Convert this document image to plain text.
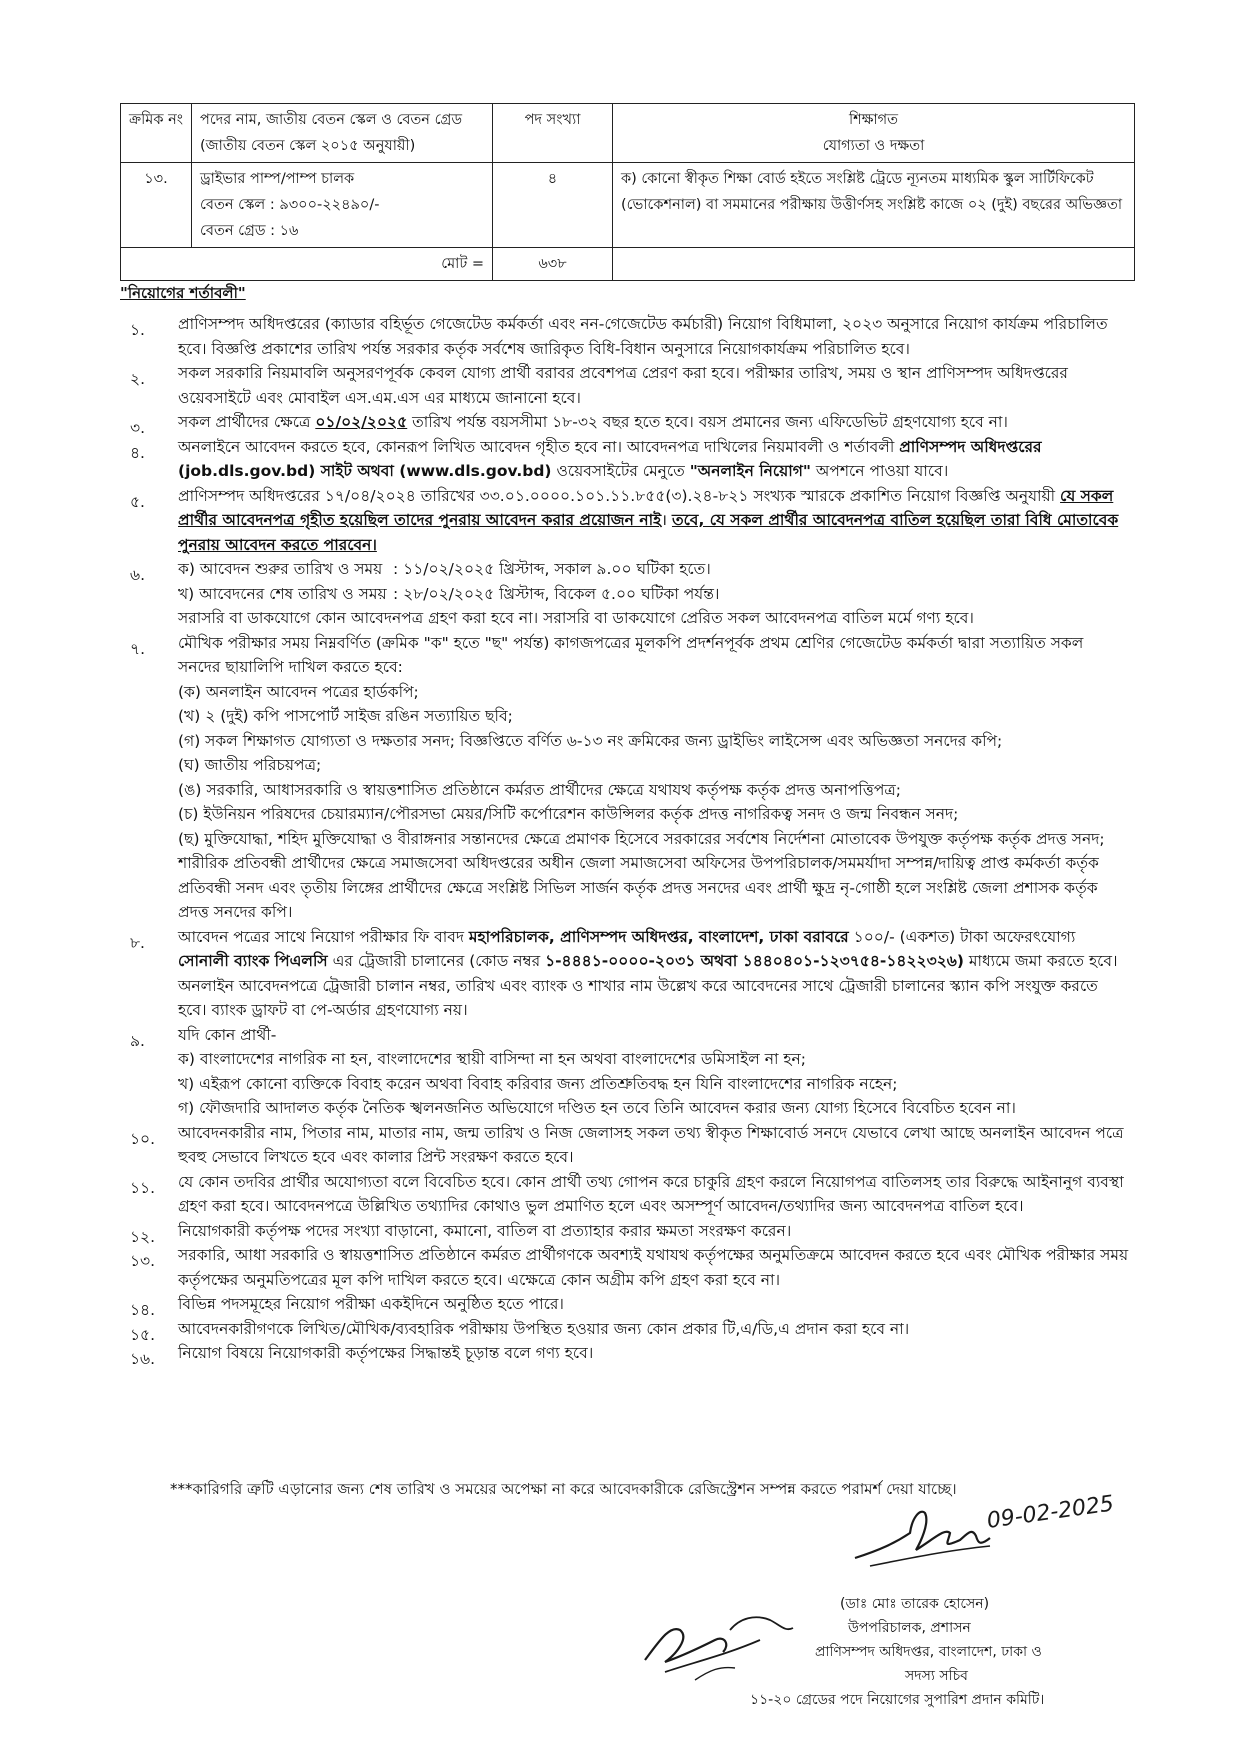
ক্রমিক নং	পদের নাম, জাতীয় বেতন স্কেল ও বেতন গ্রেড (জাতীয় বেতন স্কেল ২০১৫ অনুযায়ী)	পদ সংখ্যা	শিক্ষাগত
যোগ্যতা ও দক্ষতা

১৩.	ড্রাইভার পাম্প/পাম্প চালক
বেতন স্কেল : ৯৩০০-২২৪৯০/-
বেতন গ্রেড : ১৬	৪	ক) কোনো স্বীকৃত শিক্ষা বোর্ড হইতে সংশ্লিষ্ট ট্রেডে ন্যূনতম মাধ্যমিক স্কুল সার্টিফিকেট (ভোকেশনাল) বা সমমানের পরীক্ষায় উত্তীর্ণসহ সংশ্লিষ্ট কাজে ০২ (দুই) বছরের অভিজ্ঞতা
মোট =		৬৩৮	
"নিয়োগের শর্তাবলী"
১.	প্রাণিসম্পদ অধিদপ্তরের (ক্যাডার বহির্ভূত গেজেটেড কর্মকর্তা এবং নন-গেজেটেড কর্মচারী) নিয়োগ বিধিমালা, ২০২৩ অনুসারে নিয়োগ কার্যক্রম পরিচালিত হবে। বিজ্ঞপ্তি প্রকাশের তারিখ পর্যন্ত সরকার কর্তৃক সর্বশেষ জারিকৃত বিধি-বিধান অনুসারে নিয়োগকার্যক্রম পরিচালিত হবে।
২.	সকল সরকারি নিয়মাবলি অনুসরণপূর্বক কেবল যোগ্য প্রার্থী বরাবর প্রবেশপত্র প্রেরণ করা হবে। পরীক্ষার তারিখ, সময় ও স্থান প্রাণিসম্পদ অধিদপ্তরের ওয়েবসাইটে এবং মোবাইল এস.এম.এস এর মাধ্যমে জানানো হবে।
৩.	সকল প্রার্থীদের ক্ষেত্রে ০১/০২/২০২৫ তারিখ পর্যন্ত বয়সসীমা ১৮-৩২ বছর হতে হবে। বয়স প্রমানের জন্য এফিডেভিট গ্রহণযোগ্য হবে না।
৪.	অনলাইনে আবেদন করতে হবে, কোনরূপ লিখিত আবেদন গৃহীত হবে না। আবেদনপত্র দাখিলের নিয়মাবলী ও শর্তাবলী প্রাণিসম্পদ অধিদপ্তরের (job.dls.gov.bd) সাইট অথবা (www.dls.gov.bd) ওয়েবসাইটের মেনুতে "অনলাইন নিয়োগ" অপশনে পাওয়া যাবে।
৫.	প্রাণিসম্পদ অধিদপ্তরের ১৭/০৪/২০২৪ তারিখের ৩৩.০১.০০০০.১০১.১১.৮৫৫(৩).২৪-৮২১ সংখ্যক স্মারকে প্রকাশিত নিয়োগ বিজ্ঞপ্তি অনুযায়ী যে সকল প্রার্থীর আবেদনপত্র গৃহীত হয়েছিল তাদের পুনরায় আবেদন করার প্রয়োজন নাই। তবে, যে সকল প্রার্থীর আবেদনপত্র বাতিল হয়েছিল তারা বিধি মোতাবেক পুনরায় আবেদন করতে পারবেন।
৬.	ক) আবেদন শুরুর তারিখ ও সময় : ১১/০২/২০২৫ খ্রিস্টাব্দ, সকাল ৯.০০ ঘটিকা হতে।
খ) আবেদনের শেষ তারিখ ও সময় : ২৮/০২/২০২৫ খ্রিস্টাব্দ, বিকেল ৫.০০ ঘটিকা পর্যন্ত।
সরাসরি বা ডাকযোগে কোন আবেদনপত্র গ্রহণ করা হবে না। সরাসরি বা ডাকযোগে প্রেরিত সকল আবেদনপত্র বাতিল মর্মে গণ্য হবে।
৭.	মৌখিক পরীক্ষার সময় নিম্নবর্ণিত (ক্রমিক "ক" হতে "ছ" পর্যন্ত) কাগজপত্রের মূলকপি প্রদর্শনপূর্বক প্রথম শ্রেণির গেজেটেড কর্মকর্তা দ্বারা সত্যায়িত সকল সনদের ছায়ালিপি দাখিল করতে হবে:
(ক) অনলাইন আবেদন পত্রের হার্ডকপি;
(খ) ২ (দুই) কপি পাসপোর্ট সাইজ রঙিন সত্যায়িত ছবি;
(গ) সকল শিক্ষাগত যোগ্যতা ও দক্ষতার সনদ; বিজ্ঞপ্তিতে বর্ণিত ৬-১৩ নং ক্রমিকের জন্য ড্রাইভিং লাইসেন্স এবং অভিজ্ঞতা সনদের কপি;
(ঘ) জাতীয় পরিচয়পত্র;
(ঙ) সরকারি, আধাসরকারি ও স্বায়ত্তশাসিত প্রতিষ্ঠানে কর্মরত প্রার্থীদের ক্ষেত্রে যথাযথ কর্তৃপক্ষ কর্তৃক প্রদত্ত অনাপত্তিপত্র;
(চ) ইউনিয়ন পরিষদের চেয়ারম্যান/পৌরসভা মেয়র/সিটি কর্পোরেশন কাউন্সিলর কর্তৃক প্রদত্ত নাগরিকত্ব সনদ ও জন্ম নিবন্ধন সনদ;
(ছ) মুক্তিযোদ্ধা, শহিদ মুক্তিযোদ্ধা ও বীরাঙ্গনার সন্তানদের ক্ষেত্রে প্রমাণক হিসেবে সরকারের সর্বশেষ নির্দেশনা মোতাবেক উপযুক্ত কর্তৃপক্ষ কর্তৃক প্রদত্ত সনদ; শারীরিক প্রতিবন্ধী প্রার্থীদের ক্ষেত্রে সমাজসেবা অধিদপ্তরের অধীন জেলা সমাজসেবা অফিসের উপপরিচালক/সমমর্যাদা সম্পন্ন/দায়িত্ব প্রাপ্ত কর্মকর্তা কর্তৃক প্রতিবন্ধী সনদ এবং তৃতীয় লিঙ্গের প্রার্থীদের ক্ষেত্রে সংশ্লিষ্ট সিভিল সার্জন কর্তৃক প্রদত্ত সনদের এবং প্রার্থী ক্ষুদ্র নৃ-গোষ্ঠী হলে সংশ্লিষ্ট জেলা প্রশাসক কর্তৃক প্রদত্ত সনদের কপি।
৮.	আবেদন পত্রের সাথে নিয়োগ পরীক্ষার ফি বাবদ মহাপরিচালক, প্রাণিসম্পদ অধিদপ্তর, বাংলাদেশ, ঢাকা বরাবরে ১০০/- (একশত) টাকা অফেরৎযোগ্য সোনালী ব্যাংক পিএলসি এর ট্রেজারী চালানের (কোড নম্বর ১-৪৪৪১-০০০০-২০৩১ অথবা ১৪৪০৪০১-১২৩৭৫৪-১৪২২৩২৬) মাধ্যমে জমা করতে হবে। অনলাইন আবেদনপত্রে ট্রেজারী চালান নম্বর, তারিখ এবং ব্যাংক ও শাখার নাম উল্লেখ করে আবেদনের সাথে ট্রেজারী চালানের স্ক্যান কপি সংযুক্ত করতে হবে। ব্যাংক ড্রাফট বা পে-অর্ডার গ্রহণযোগ্য নয়।
৯.	যদি কোন প্রার্থী-
ক) বাংলাদেশের নাগরিক না হন, বাংলাদেশের স্থায়ী বাসিন্দা না হন অথবা বাংলাদেশের ডমিসাইল না হন;
খ) এইরূপ কোনো ব্যক্তিকে বিবাহ করেন অথবা বিবাহ করিবার জন্য প্রতিশ্রুতিবদ্ধ হন যিনি বাংলাদেশের নাগরিক নহেন;
গ) ফৌজদারি আদালত কর্তৃক নৈতিক স্খলনজনিত অভিযোগে দণ্ডিত হন তবে তিনি আবেদন করার জন্য যোগ্য হিসেবে বিবেচিত হবেন না।
১০.	আবেদনকারীর নাম, পিতার নাম, মাতার নাম, জন্ম তারিখ ও নিজ জেলাসহ সকল তথ্য স্বীকৃত শিক্ষাবোর্ড সনদে যেভাবে লেখা আছে অনলাইন আবেদন পত্রে হুবহু সেভাবে লিখতে হবে এবং কালার প্রিন্ট সংরক্ষণ করতে হবে।
১১.	যে কোন তদবির প্রার্থীর অযোগ্যতা বলে বিবেচিত হবে। কোন প্রার্থী তথ্য গোপন করে চাকুরি গ্রহণ করলে নিয়োগপত্র বাতিলসহ তার বিরুদ্ধে আইনানুগ ব্যবস্থা গ্রহণ করা হবে। আবেদনপত্রে উল্লিখিত তথ্যাদির কোথাও ভুল প্রমাণিত হলে এবং অসম্পূর্ণ আবেদন/তথ্যাদির জন্য আবেদনপত্র বাতিল হবে।
১২.	নিয়োগকারী কর্তৃপক্ষ পদের সংখ্যা বাড়ানো, কমানো, বাতিল বা প্রত্যাহার করার ক্ষমতা সংরক্ষণ করেন।
১৩.	সরকারি, আধা সরকারি ও স্বায়ত্তশাসিত প্রতিষ্ঠানে কর্মরত প্রার্থীগণকে অবশ্যই যথাযথ কর্তৃপক্ষের অনুমতিক্রমে আবেদন করতে হবে এবং মৌখিক পরীক্ষার সময় কর্তৃপক্ষের অনুমতিপত্রের মূল কপি দাখিল করতে হবে। এক্ষেত্রে কোন অগ্রীম কপি গ্রহণ করা হবে না।
১৪.	বিভিন্ন পদসমূহের নিয়োগ পরীক্ষা একইদিনে অনুষ্ঠিত হতে পারে।
১৫.	আবেদনকারীগণকে লিখিত/মৌখিক/ব্যবহারিক পরীক্ষায় উপস্থিত হওয়ার জন্য কোন প্রকার টি,এ/ডি,এ প্রদান করা হবে না।
১৬.	নিয়োগ বিষয়ে নিয়োগকারী কর্তৃপক্ষের সিদ্ধান্তই চূড়ান্ত বলে গণ্য হবে।
***কারিগরি ত্রুটি এড়ানোর জন্য শেষ তারিখ ও সময়ের অপেক্ষা না করে আবেদকারীকে রেজিস্ট্রেশন সম্পন্ন করতে পরামর্শ দেয়া যাচ্ছে।
09-02-2025
(ডাঃ মোঃ তারেক হোসেন)
উপপরিচালক, প্রশাসন
প্রাণিসম্পদ অধিদপ্তর, বাংলাদেশ, ঢাকা ও
সদস্য সচিব
১১-২০ গ্রেডের পদে নিয়োগের সুপারিশ প্রদান কমিটি।
